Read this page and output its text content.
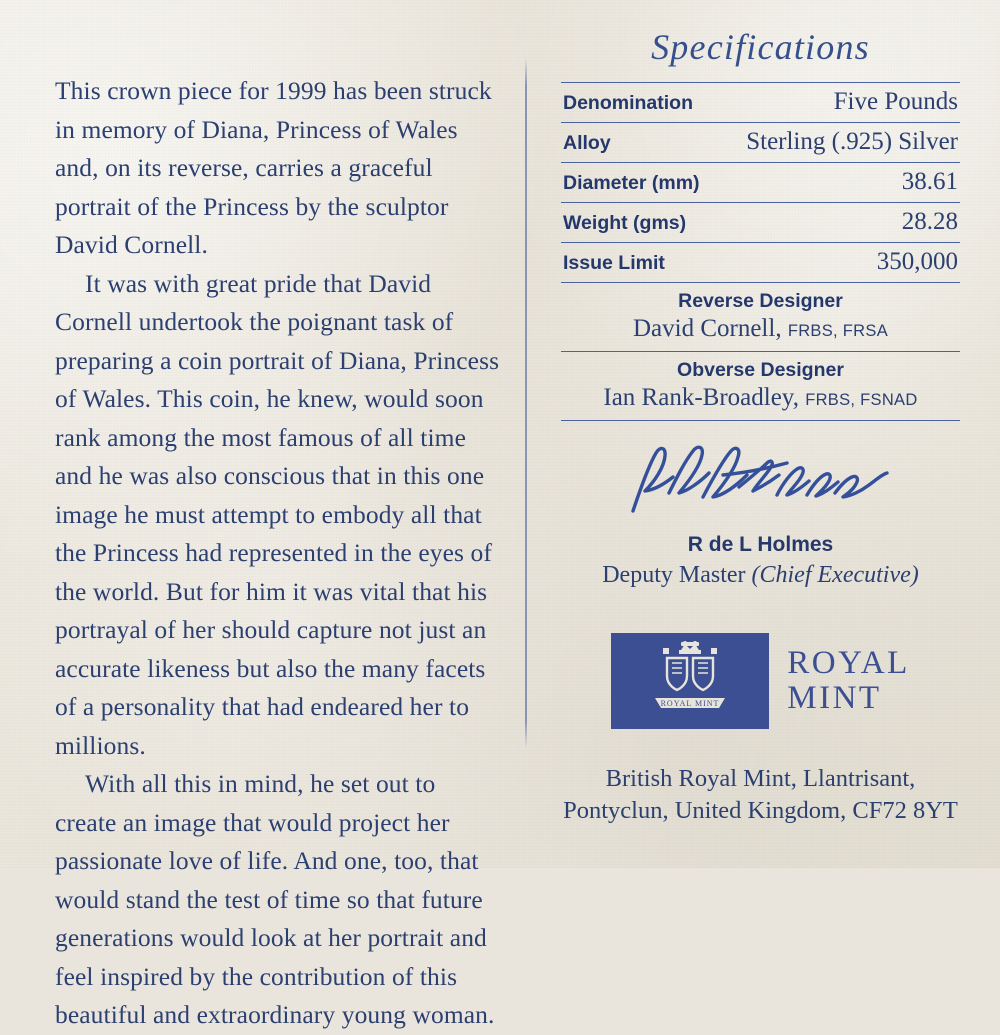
This crown piece for 1999 has been struck in memory of Diana, Princess of Wales and, on its reverse, carries a graceful portrait of the Princess by the sculptor David Cornell.

It was with great pride that David Cornell undertook the poignant task of preparing a coin portrait of Diana, Princess of Wales. This coin, he knew, would soon rank among the most famous of all time and he was also conscious that in this one image he must attempt to embody all that the Princess had represented in the eyes of the world. But for him it was vital that his portrayal of her should capture not just an accurate likeness but also the many facets of a personality that had endeared her to millions.

With all this in mind, he set out to create an image that would project her passionate love of life. And one, too, that would stand the test of time so that future generations would look at her portrait and feel inspired by the contribution of this beautiful and extraordinary young woman.

Specifications
Denomination	Five Pounds
Alloy	Sterling (.925) Silver
Diameter (mm)	38.61
Weight (gms)	28.28
Issue Limit	350,000
Reverse Designer
David Cornell, FRBS, FRSA
Obverse Designer
Ian Rank-Broadley, FRBS, FSNAD
R de L Holmes
Deputy Master (Chief Executive)
ROYAL MINT
ROYAL
MINT
British Royal Mint, Llantrisant,
Pontyclun, United Kingdom, CF72 8YT
